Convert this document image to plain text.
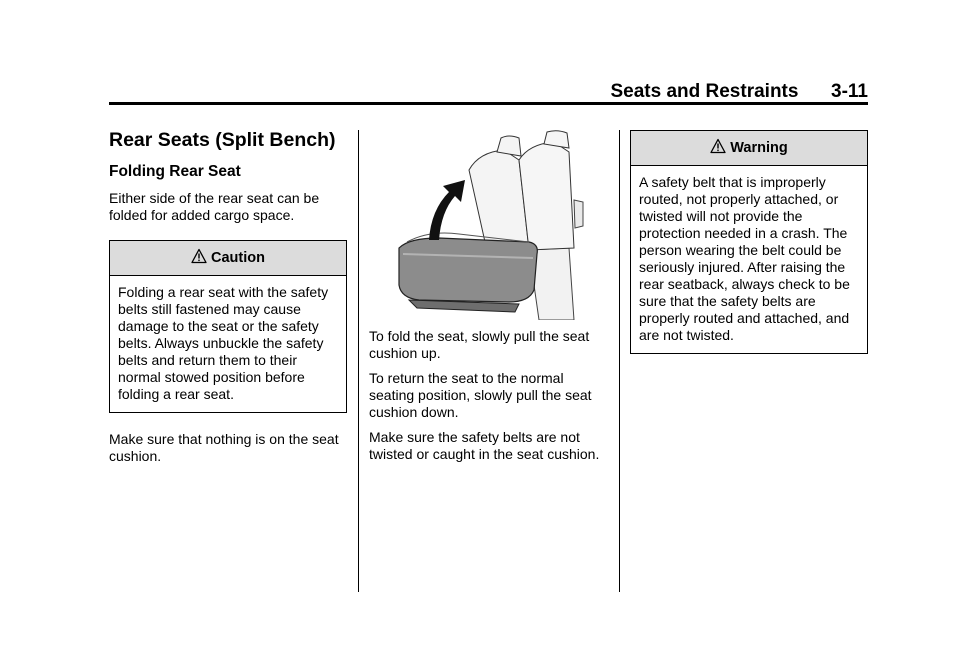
Seats and Restraints 3-11
Rear Seats (Split Bench)
Folding Rear Seat

Either side of the rear seat can be folded for added cargo space.

Caution
Folding a rear seat with the safety belts still fastened may cause damage to the seat or the safety belts. Always unbuckle the safety belts and return them to their normal stowed position before folding a rear seat.

Make sure that nothing is on the seat cushion.

To fold the seat, slowly pull the seat cushion up.

To return the seat to the normal seating position, slowly pull the seat cushion down.

Make sure the safety belts are not twisted or caught in the seat cushion.

Warning
A safety belt that is improperly routed, not properly attached, or twisted will not provide the protection needed in a crash. The person wearing the belt could be seriously injured. After raising the rear seatback, always check to be sure that the safety belts are properly routed and attached, and are not twisted.
